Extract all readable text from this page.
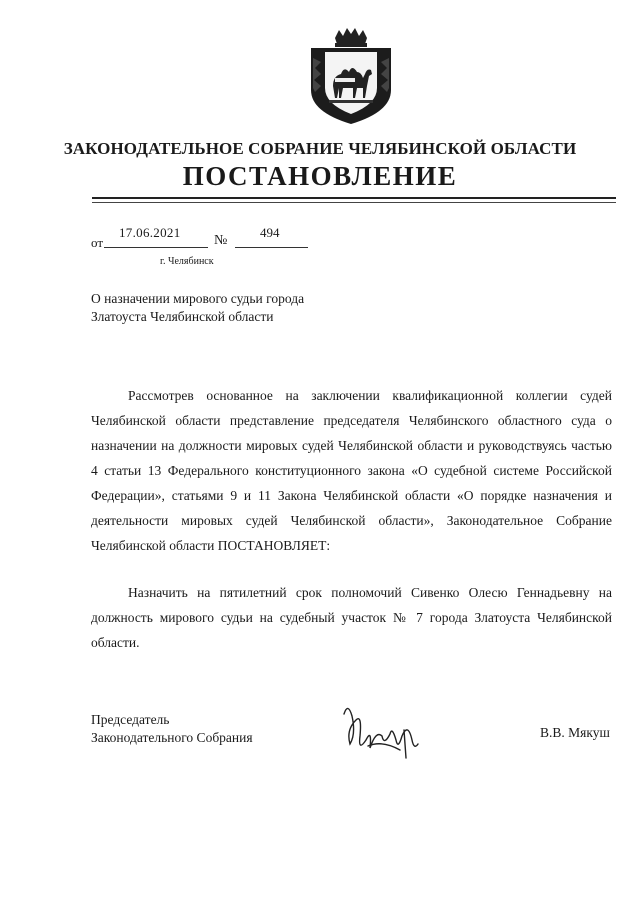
ЗАКОНОДАТЕЛЬНОЕ СОБРАНИЕ ЧЕЛЯБИНСКОЙ ОБЛАСТИ
ПОСТАНОВЛЕНИЕ
от
17.06.2021
№
494
г. Челябинск
О назначении мирового судьи города Златоуста Челябинской области
Рассмотрев основанное на заключении квалификационной коллегии судей Челябинской области представление председателя Челябинского областного суда о назначении на должности мировых судей Челябинской области и руководствуясь частью 4 статьи 13 Федерального конституционного закона «О судебной системе Российской Федерации», статьями 9 и 11 Закона Челябинской области «О порядке назначения и деятельности мировых судей Челябинской области», Законодательное Собрание Челябинской области ПОСТАНОВЛЯЕТ:
Назначить на пятилетний срок полномочий Сивенко Олесю Геннадьевну на должность мирового судьи на судебный участок № 7 города Златоуста Челябинской области.
Председатель
Законодательного Собрания	В.В. Мякуш
